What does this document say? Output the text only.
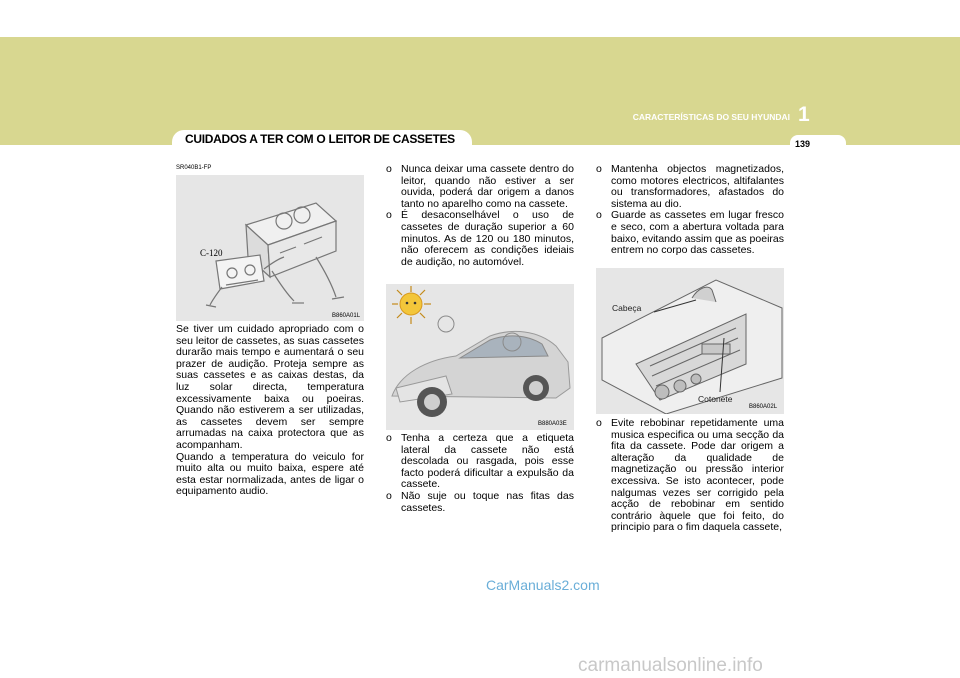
CARACTERÍSTICAS DO SEU HYUNDAI 1
139
CUIDADOS A TER COM O LEITOR DE CASSETES
SR040B1-FP
C-120
B860A01L

Se tiver um cuidado apropriado com o seu leitor de cassetes, as suas cassetes durarão mais tempo e aumentará o seu prazer de audição. Proteja sempre as suas cassetes e as caixas destas, da luz solar directa, temperatura excessivamente baixa ou poeiras. Quando não estiverem a ser utilizadas, as cassetes devem ser sempre arrumadas na caixa protectora que as acompanham.

Quando a temperatura do veiculo for muito alta ou muito baixa, espere até esta estar normalizada, antes de ligar o equipamento audio.

o Nunca deixar uma cassete dentro do leitor, quando não estiver a ser ouvida, poderá dar origem a danos tanto no aparelho como na cassete.
o É desaconselhável o uso de cassetes de duração superior a 60 minutos. As de 120 ou 180 minutos, não oferecem as condições ideiais de audição, no automóvel.
B880A03E
o Tenha a certeza que a etiqueta lateral da cassete não está descolada ou rasgada, pois esse facto poderá dificultar a expulsão da cassete.
o Não suje ou toque nas fitas das cassetes.
o Mantenha objectos magnetizados, como motores electricos, altifalantes ou transformadores, afastados do sistema au dio.
o Guarde as cassetes em lugar fresco e seco, com a abertura voltada para baixo, evitando assim que as poeiras entrem no corpo das cassetes.
Cabeça
Cotonete
B860A02L
o Evite rebobinar repetidamente uma musica especifica ou uma secção da fita da cassete. Pode dar origem a alteração da qualidade de magnetização ou pressão interior excessiva. Se isto acontecer, pode nalgumas vezes ser corrigido pela acção de rebobinar em sentido contrário àquele que foi feito, do principio para o fim daquela cassete,
CarManuals2.com
carmanualsonline.info
